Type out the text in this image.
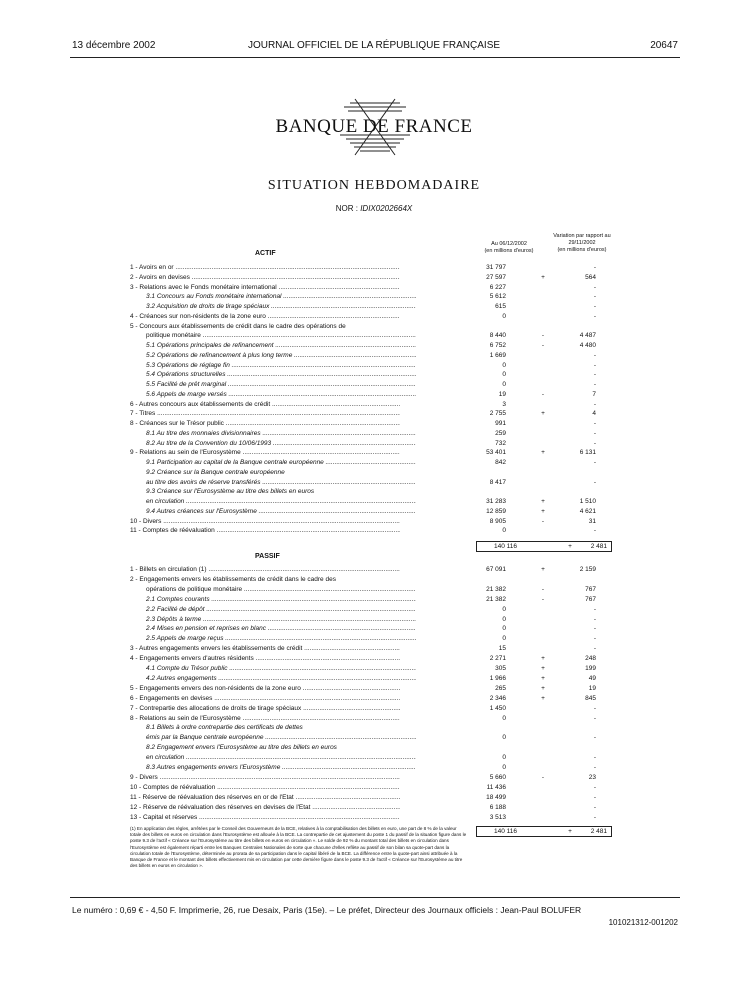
13 décembre 2002	JOURNAL OFFICIEL DE LA RÉPUBLIQUE FRANÇAISE	20647
BANQUE DE FRANCE
SITUATION HEBDOMADAIRE
NOR : IDIX0202664X
Au 06/12/2002
(en millions d'euros)
Variation par rapport au 29/11/2002
(en millions d'euros)
ACTIF
1 - Avoirs en or .....	31 797	-
2 - Avoirs en devises .....	27 597	+	564
3 - Relations avec le Fonds monétaire international .....	6 227	-
3.1 Concours au Fonds monétaire international .....	5 612	-
3.2 Acquisition de droits de tirage spéciaux .....	615	-
4 - Créances sur non-résidents de la zone euro .....	0	-
5 - Concours aux établissements de crédit dans le cadre des opérations de
politique monétaire .....	8 440	-	4 487
5.1 Opérations principales de refinancement .....	6 752	-	4 480
5.2 Opérations de refinancement à plus long terme .....	1 669	-
5.3 Opérations de réglage fin .....	0	-
5.4 Opérations structurelles .....	0	-
5.5 Facilité de prêt marginal .....	0	-
5.6 Appels de marge versés .....	19	-	7
6 - Autres concours aux établissements de crédit .....	3	-
7 - Titres .....	2 755	+	4
8 - Créances sur le Trésor public .....	991	-
8.1 Au titre des monnaies divisionnaires .....	259	-
8.2 Au titre de la Convention du 10/06/1993 .....	732	-
9 - Relations au sein de l'Eurosystème .....	53 401	+	6 131
9.1 Participation au capital de la Banque centrale européenne .....	842	-
9.2 Créance sur la Banque centrale européenne
au titre des avoirs de réserve transférés .....	8 417	-
9.3 Créance sur l'Eurosystème au titre des billets en euros
en circulation .....	31 283	+	1 510
9.4 Autres créances sur l'Eurosystème .....	12 859	+	4 621
10 - Divers .....	8 905	-	31
11 - Comptes de réévaluation .....	0	-
140 116	+	2 481
PASSIF
1 - Billets en circulation (1) .....	67 091	+	2 159
2 - Engagements envers les établissements de crédit dans le cadre des
opérations de politique monétaire .....	21 382	-	767
2.1 Comptes courants .....	21 382	-	767
2.2 Facilité de dépôt .....	0	-
2.3 Dépôts à terme .....	0	-
2.4 Mises en pension et reprises en blanc .....	0	-
2.5 Appels de marge reçus .....	0	-
3 - Autres engagements envers les établissements de crédit .....	15	-
4 - Engagements envers d'autres résidents .....	2 271	+	248
4.1 Compte du Trésor public .....	305	+	199
4.2 Autres engagements .....	1 966	+	49
5 - Engagements envers des non-résidents de la zone euro .....	265	+	19
6 - Engagements en devises .....	2 346	+	845
7 - Contrepartie des allocations de droits de tirage spéciaux .....	1 450	-
8 - Relations au sein de l'Eurosystème .....	0	-
8.1 Billets à ordre contrepartie des certificats de dettes
émis par la Banque centrale européenne .....	0	-
8.2 Engagement envers l'Eurosystème au titre des billets en euros
en circulation .....	0	-
8.3 Autres engagements envers l'Eurosystème .....	0	-
9 - Divers .....	5 660	-	23
10 - Comptes de réévaluation .....	11 436	-
11 - Réserve de réévaluation des réserves en or de l'Etat .....	18 499	-
12 - Réserve de réévaluation des réserves en devises de l'Etat .....	6 188	-
13 - Capital et réserves .....	3 513	-
140 116	+	2 481
(1) En application des règles, arrêtées par le Conseil des Gouverneurs de la BCE, relatives à la comptabilisation des billets en euro, une part de 8 % de la valeur totale des billets en euros en circulation dans l'Eurosystème est allouée à la BCE. La contrepartie de cet ajustement du poste 1 du passif de la situation figure dans le poste 9.3 de l'actif « Créance sur l'Eurosystème au titre des billets en euros en circulation ». Le solde de 92 % du montant total des billets en circulation dans l'Eurosystème est également réparti entre les Banques Centrales Nationales de sorte que chacune d'elles reflète au passif de son bilan sa quote-part dans la circulation totale de l'Eurosystème, déterminée au prorata de sa participation dans le capital libéré de la BCE. La différence entre la quote-part ainsi attribuée à la Banque de France et le montant des billets effectivement mis en circulation par cette dernière figure dans le poste 9.3 de l'actif « Créance sur l'Eurosystème au titre des billets en euros en circulation ».
Le numéro : 0,69 € - 4,50 F. Imprimerie, 26, rue Desaix, Paris (15e). – Le préfet, Directeur des Journaux officiels : Jean-Paul BOLUFER
101021312-001202
